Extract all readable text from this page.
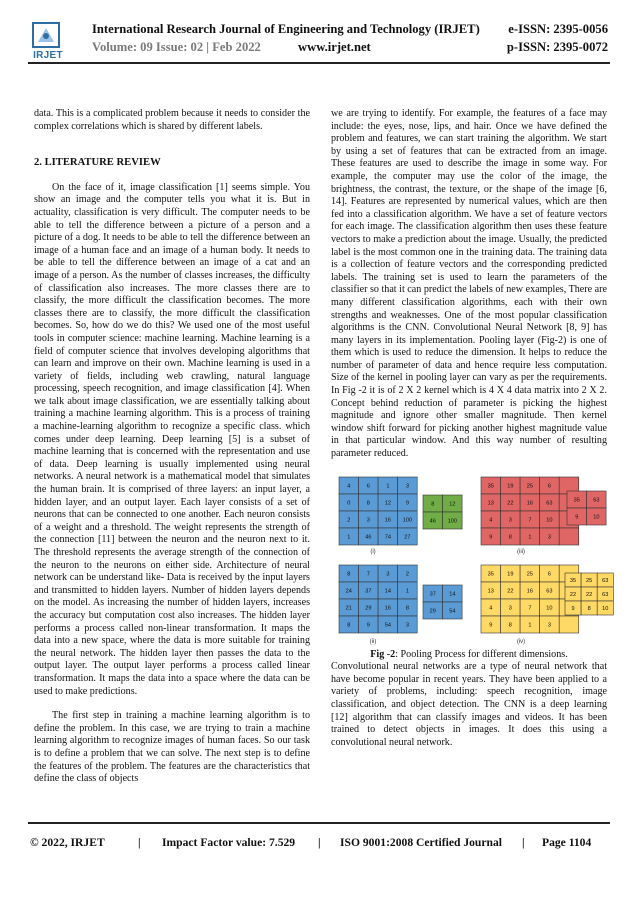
IRJET
International Research Journal of Engineering and Technology (IRJET) e-ISSN: 2395-0056
Volume: 09 Issue: 02 | Feb 2022	www.irjet.net	p-ISSN: 2395-0072

data. This is a complicated problem because it needs to consider the complex correlations which is shared by different labels.

2. LITERATURE REVIEW

On the face of it, image classification [1] seems simple. You show an image and the computer tells you what it is. But in actuality, classification is very difficult. The computer needs to be able to tell the difference between a picture of a person and a picture of a dog. It needs to be able to tell the difference between an image of a human face and an image of a human body. It needs to be able to tell the difference between an image of a cat and an image of a person. As the number of classes increases, the difficulty of classification also increases. The more classes there are to classify, the more difficult the classification becomes. The more classes there are to classify, the more difficult the classification becomes. So, how do we do this? We used one of the most useful tools in computer science: machine learning. Machine learning is a field of computer science that involves developing algorithms that can learn and improve on their own. Machine learning is used in a variety of fields, including web crawling, natural language processing, speech recognition, and image classification [4]. When we talk about image classification, we are essentially talking about training a machine learning algorithm. This is a process of training a machine-learning algorithm to recognize a specific class. which comes under deep learning. Deep learning [5] is a subset of machine learning that is concerned with the representation and use of data. Deep learning is usually implemented using neural networks. A neural network is a mathematical model that simulates the human brain. It is comprised of three layers: an input layer, a hidden layer, and an output layer. Each layer consists of a set of neurons that can be connected to one another. Each neuron consists of a weight and a threshold. The weight represents the strength of the connection [11] between the neuron and the neuron next to it. The threshold represents the average strength of the connection of the neuron to the neurons on either side. Architecture of neural network can be understand like- Data is received by the input layers and transmitted to hidden layers. Number of hidden layers depends on the model. As increasing the number of hidden layers, increases the accuracy but computation cost also increases. The hidden layer performs a process called non-linear transformation. It maps the data into a new space, where the data is more suitable for training the neural network. The hidden layer then passes the data to the output layer. The output layer performs a process called linear transformation. It maps the data into a space where the data can be used to make predictions.

The first step in training a machine learning algorithm is to define the problem. In this case, we are trying to train a machine learning algorithm to recognize images of human faces. So our task is to define a problem that we can solve. The next step is to define the features of the problem. The features are the characteristics that define the class of objects

we are trying to identify. For example, the features of a face may include: the eyes, nose, lips, and hair. Once we have defined the problem and features, we can start training the algorithm. We start by using a set of features that can be extracted from an image. These features are used to describe the image in some way. For example, the computer may use the color of the image, the brightness, the contrast, the texture, or the shape of the image [6, 14]. Features are represented by numerical values, which are then fed into a classification algorithm. We have a set of feature vectors for each image. The classification algorithm then uses these feature vectors to make a prediction about the image. Usually, the predicted label is the most common one in the training data. The training data is a collection of feature vectors and the corresponding predicted labels. The training set is used to learn the parameters of the classifier so that it can predict the labels of new examples, There are many different classification algorithms, each with their own strengths and weaknesses. One of the most popular classification algorithms is the CNN. Convolutional Neural Network [8, 9] has many layers in its implementation. Pooling layer (Fig-2) is one of them which is used to reduce the dimension. It helps to reduce the number of parameter of data and hence require less computation. Size of the kernel in pooling layer can vary as per the requirements. In Fig -2 it is of 2 X 2 kernel which is 4 X 4 data matrix into 2 X 2. Concept behind reduction of parameter is picking the highest magnitude and ignore other smaller magnitude. Then kernel window shift forward for picking another highest magnitude value in that particular window. And this way number of resulting parameter reduced.

4	6	1	3
0	8	12	9
2	3	16 100
1	46 74 27
8	12
46 100
(i)
8	7	3	2
24 37 14	1
21 29 16	8
8	9	54	3
37 14
29 54
(ii)
35 19 25	6
13 22 16 63
4	3	7	10
9	8	1	3
35 63
9	10
(iii)
35 19 25	6
13 22 16 63
4	3	7	10
9	8	1	3
35 25 63
22 22 63
9 8 10
(iv)

Fig -2: Pooling Process for different dimensions.

Convolutional neural networks are a type of neural network that have become popular in recent years. They have been applied to a variety of problems, including: speech recognition, image classification, and object detection. The CNN is a deep learning [12] algorithm that can classify images and videos. It has been trained to detect objects in images. It does this using a convolutional neural network.

© 2022, IRJET	| Impact Factor value: 7.529 | ISO 9001:2008 Certified Journal | Page 1104
